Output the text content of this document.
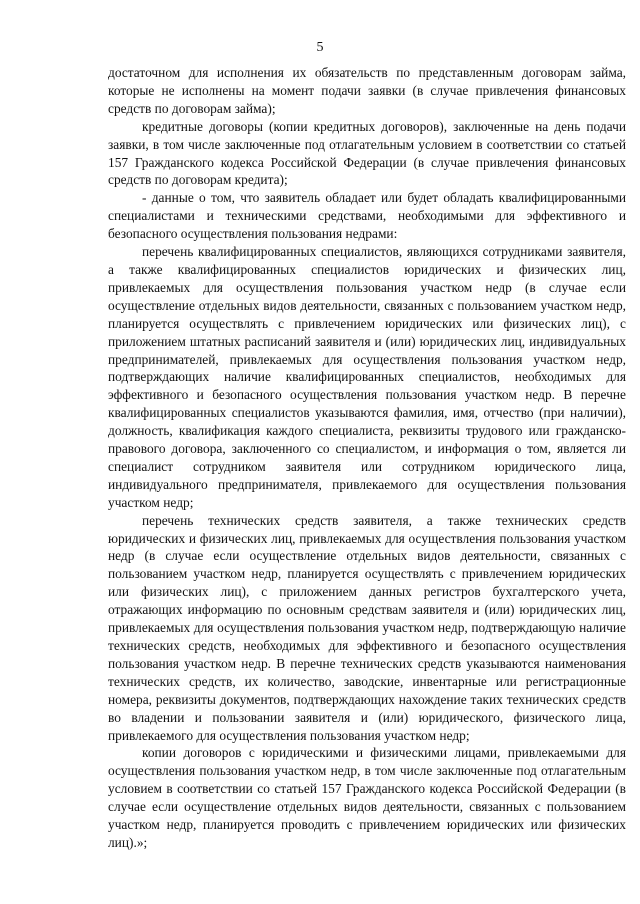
5

достаточном для исполнения их обязательств по представленным договорам займа, которые не исполнены на момент подачи заявки (в случае привлечения финансовых средств по договорам займа);

кредитные договоры (копии кредитных договоров), заключенные на день подачи заявки, в том числе заключенные под отлагательным условием в соответствии со статьей 157 Гражданского кодекса Российской Федерации (в случае привлечения финансовых средств по договорам кредита);

- данные о том, что заявитель обладает или будет обладать квалифицированными специалистами и техническими средствами, необходимыми для эффективного и безопасного осуществления пользования недрами:

перечень квалифицированных специалистов, являющихся сотрудниками заявителя, а также квалифицированных специалистов юридических и физических лиц, привлекаемых для осуществления пользования участком недр (в случае если осуществление отдельных видов деятельности, связанных с пользованием участком недр, планируется осуществлять с привлечением юридических или физических лиц), с приложением штатных расписаний заявителя и (или) юридических лиц, индивидуальных предпринимателей, привлекаемых для осуществления пользования участком недр, подтверждающих наличие квалифицированных специалистов, необходимых для эффективного и безопасного осуществления пользования участком недр. В перечне квалифицированных специалистов указываются фамилия, имя, отчество (при наличии), должность, квалификация каждого специалиста, реквизиты трудового или гражданско-правового договора, заключенного со специалистом, и информация о том, является ли специалист сотрудником заявителя или сотрудником юридического лица, индивидуального предпринимателя, привлекаемого для осуществления пользования участком недр;

перечень технических средств заявителя, а также технических средств юридических и физических лиц, привлекаемых для осуществления пользования участком недр (в случае если осуществление отдельных видов деятельности, связанных с пользованием участком недр, планируется осуществлять с привлечением юридических или физических лиц), с приложением данных регистров бухгалтерского учета, отражающих информацию по основным средствам заявителя и (или) юридических лиц, привлекаемых для осуществления пользования участком недр, подтверждающую наличие технических средств, необходимых для эффективного и безопасного осуществления пользования участком недр. В перечне технических средств указываются наименования технических средств, их количество, заводские, инвентарные или регистрационные номера, реквизиты документов, подтверждающих нахождение таких технических средств во владении и пользовании заявителя и (или) юридического, физического лица, привлекаемого для осуществления пользования участком недр;

копии договоров с юридическими и физическими лицами, привлекаемыми для осуществления пользования участком недр, в том числе заключенные под отлагательным условием в соответствии со статьей 157 Гражданского кодекса Российской Федерации (в случае если осуществление отдельных видов деятельности, связанных с пользованием участком недр, планируется проводить с привлечением юридических или физических лиц).»;
